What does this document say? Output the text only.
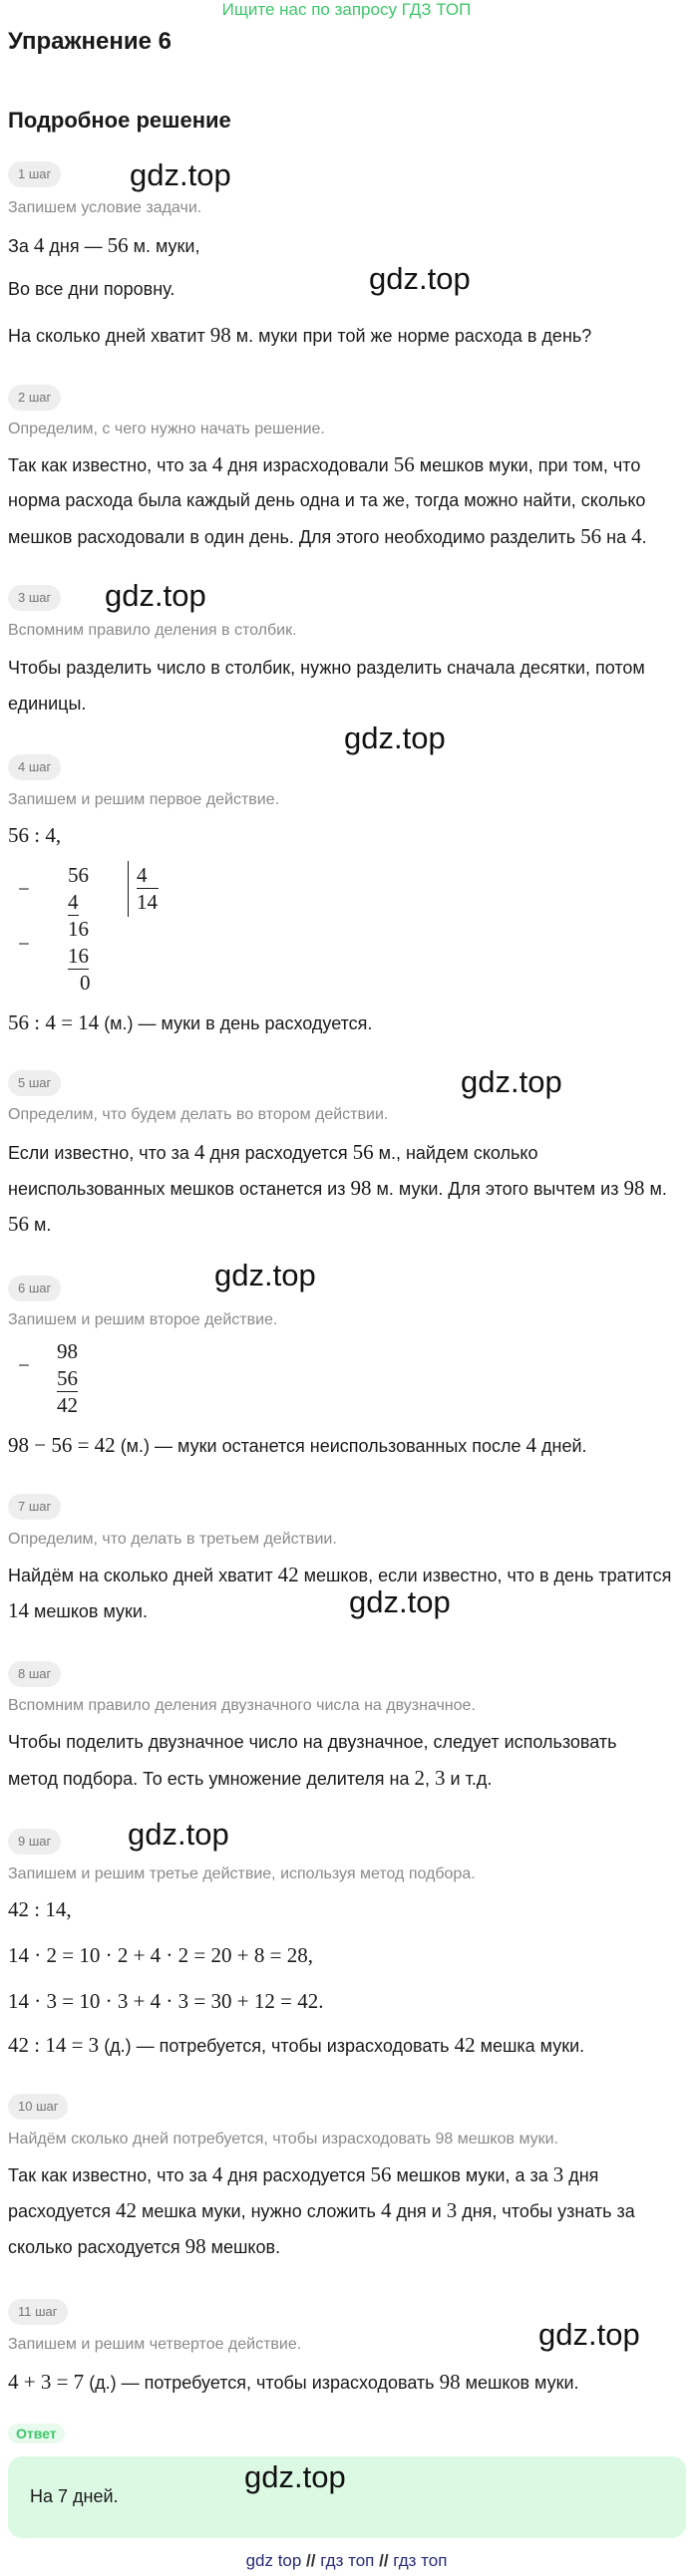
Ищите нас по запросу ГДЗ ТОП
Упражнение 6
Подробное решение
1 шаг	gdz.top
Запишем условие задачи.
За 4 дня — 56 м. муки,
gdz.top
Во все дни поровну.
На сколько дней хватит 98 м. муки при той же норме расхода в день?
2 шаг
Определим, с чего нужно начать решение.
Так как известно, что за 4 дня израсходовали 56 мешков муки, при том, что
норма расхода была каждый день одна и та же, тогда можно найти, сколько
мешков расходовали в один день. Для этого необходимо разделить 56 на 4.
3 шаг	gdz.top
Вспомним правило деления в столбик.
Чтобы разделить число в столбик, нужно разделить сначала десятки, потом
единицы.
gdz.top
4 шаг
Запишем и решим первое действие.
56 : 4,
−
56
4
4
14
−
16
16
0
56 : 4 = 14 (м.) — муки в день расходуется.
5 шаг	gdz.top
Определим, что будем делать во втором действии.
Если известно, что за 4 дня расходуется 56 м., найдем сколько
неиспользованных мешков останется из 98 м. муки. Для этого вычтем из 98 м.
56 м.
gdz.top
6 шаг
Запишем и решим второе действие.
−
98
56
42
98 − 56 = 42 (м.) — муки останется неиспользованных после 4 дней.
7 шаг
Определим, что делать в третьем действии.
Найдём на сколько дней хватит 42 мешков, если известно, что в день тратится
gdz.top
14 мешков муки.
8 шаг
Вспомним правило деления двузначного числа на двузначное.
Чтобы поделить двузначное число на двузначное, следует использовать
метод подбора. То есть умножение делителя на 2, 3 и т.д.
9 шаг	gdz.top
Запишем и решим третье действие, используя метод подбора.
42 : 14,
14 · 2 = 10 · 2 + 4 · 2 = 20 + 8 = 28,
14 · 3 = 10 · 3 + 4 · 3 = 30 + 12 = 42.
42 : 14 = 3 (д.) — потребуется, чтобы израсходовать 42 мешка муки.
10 шаг
Найдём сколько дней потребуется, чтобы израсходовать 98 мешков муки.
Так как известно, что за 4 дня расходуется 56 мешков муки, а за 3 дня
расходуется 42 мешка муки, нужно сложить 4 дня и 3 дня, чтобы узнать за
сколько расходуется 98 мешков.
11 шаг
gdz.top
Запишем и решим четвертое действие.
4 + 3 = 7 (д.) — потребуется, чтобы израсходовать 98 мешков муки.
Ответ
gdz.top
На 7 дней.
gdz top // гдз топ // гдз топ
